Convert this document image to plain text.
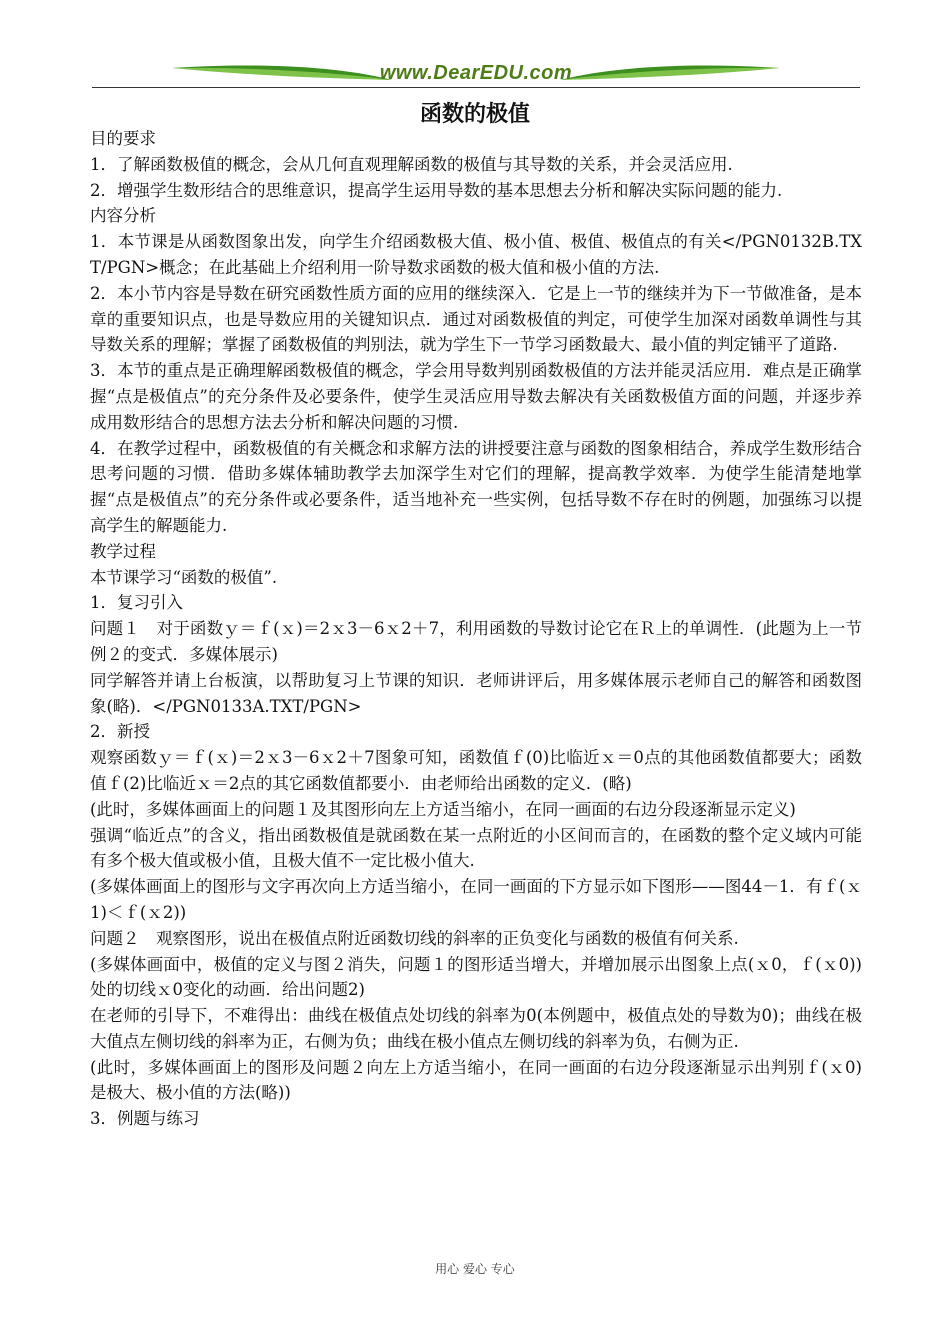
www.DearEDU.com
函数的极值

目的要求

1．了解函数极值的概念，会从几何直观理解函数的极值与其导数的关系，并会灵活应用.

2．增强学生数形结合的思维意识，提高学生运用导数的基本思想去分析和解决实际问题的能力.

内容分析

1．本节课是从函数图象出发，向学生介绍函数极大值、极小值、极值、极值点的有关</PGN0132B.TXT/PGN>概念；在此基础上介绍利用一阶导数求函数的极大值和极小值的方法.

2．本小节内容是导数在研究函数性质方面的应用的继续深入．它是上一节的继续并为下一节做准备，是本章的重要知识点，也是导数应用的关键知识点．通过对函数极值的判定，可使学生加深对函数单调性与其导数关系的理解；掌握了函数极值的判别法，就为学生下一节学习函数最大、最小值的判定铺平了道路.

3．本节的重点是正确理解函数极值的概念，学会用导数判别函数极值的方法并能灵活应用．难点是正确掌握“点是极值点”的充分条件及必要条件，使学生灵活应用导数去解决有关函数极值方面的问题，并逐步养成用数形结合的思想方法去分析和解决问题的习惯.

4．在教学过程中，函数极值的有关概念和求解方法的讲授要注意与函数的图象相结合，养成学生数形结合思考问题的习惯．借助多媒体辅助教学去加深学生对它们的理解，提高教学效率．为使学生能清楚地掌握“点是极值点”的充分条件或必要条件，适当地补充一些实例，包括导数不存在时的例题，加强练习以提高学生的解题能力.

教学过程

本节课学习“函数的极值”.

1．复习引入

问题１　对于函数ｙ＝ｆ(ｘ)＝2ｘ3－6ｘ2＋7，利用函数的导数讨论它在Ｒ上的单调性．(此题为上一节例２的变式．多媒体展示)

同学解答并请上台板演，以帮助复习上节课的知识．老师讲评后，用多媒体展示老师自己的解答和函数图象(略)．</PGN0133A.TXT/PGN>

2．新授

观察函数ｙ＝ｆ(ｘ)＝2ｘ3－6ｘ2＋7图象可知，函数值ｆ(0)比临近ｘ＝0点的其他函数值都要大；函数值ｆ(2)比临近ｘ＝2点的其它函数值都要小．由老师给出函数的定义．(略)

(此时，多媒体画面上的问题１及其图形向左上方适当缩小，在同一画面的右边分段逐渐显示定义)

强调“临近点”的含义，指出函数极值是就函数在某一点附近的小区间而言的，在函数的整个定义域内可能有多个极大值或极小值，且极大值不一定比极小值大.

(多媒体画面上的图形与文字再次向上方适当缩小，在同一画面的下方显示如下图形——图44－1．有ｆ(ｘ1)＜ｆ(ｘ2))

问题２　观察图形，说出在极值点附近函数切线的斜率的正负变化与函数的极值有何关系.

(多媒体画面中，极值的定义与图２消失，问题１的图形适当增大，并增加展示出图象上点(ｘ0，ｆ(ｘ0))处的切线ｘ0变化的动画．给出问题2)

在老师的引导下，不难得出：曲线在极值点处切线的斜率为0(本例题中，极值点处的导数为0)；曲线在极大值点左侧切线的斜率为正，右侧为负；曲线在极小值点左侧切线的斜率为负，右侧为正.

(此时，多媒体画面上的图形及问题２向左上方适当缩小，在同一画面的右边分段逐渐显示出判别ｆ(ｘ0)是极大、极小值的方法(略))

3．例题与练习

用心 爱心 专心
